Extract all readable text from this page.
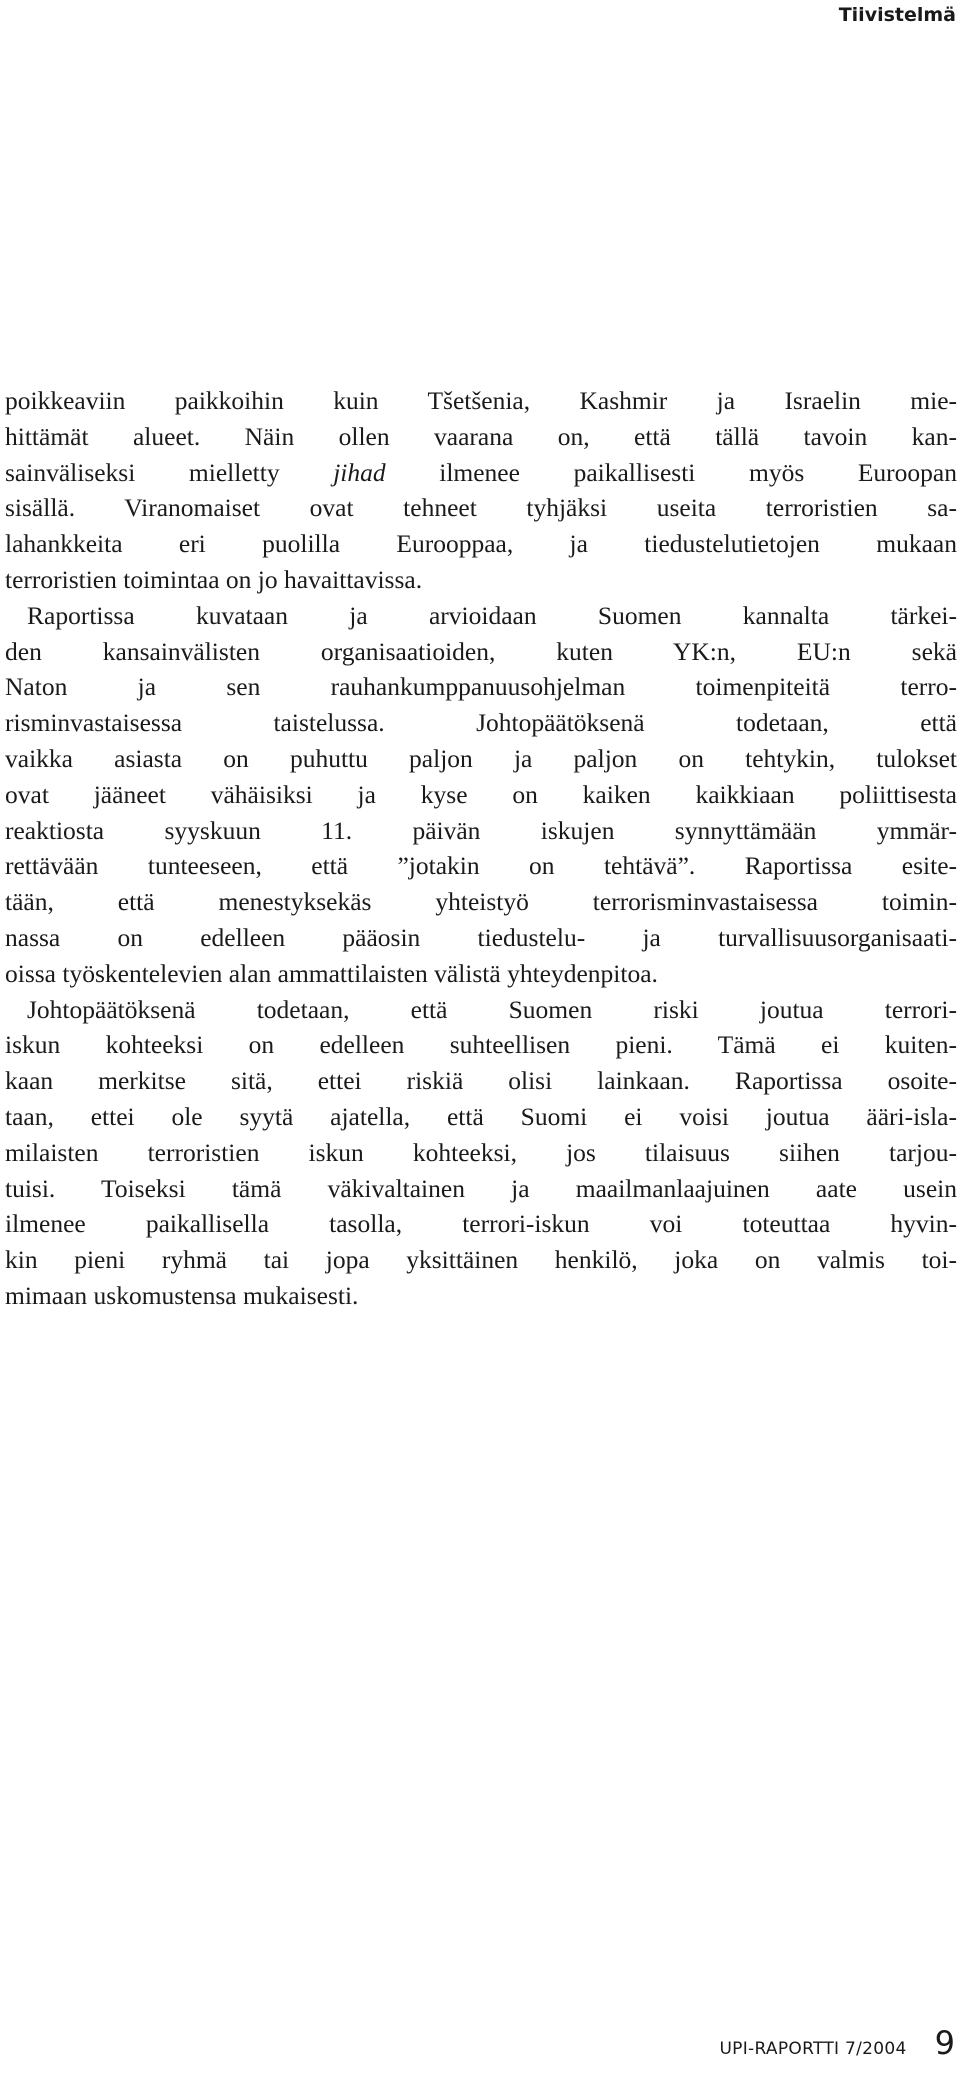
Tiivistelmä
poikkeaviin paikkoihin kuin Tšetšenia, Kashmir ja Israelin mie-
hittämät alueet. Näin ollen vaarana on, että tällä tavoin kan-
sainväliseksi mielletty jihad ilmenee paikallisesti myös Euroopan
sisällä. Viranomaiset ovat tehneet tyhjäksi useita terroristien sa-
lahankkeita eri puolilla Eurooppaa, ja tiedustelutietojen mukaan
terroristien toimintaa on jo havaittavissa.
Raportissa kuvataan ja arvioidaan Suomen kannalta tärkei-
den kansainvälisten organisaatioiden, kuten YK:n, EU:n sekä
Naton ja sen rauhankumppanuusohjelman toimenpiteitä terro-
risminvastaisessa taistelussa. Johtopäätöksenä todetaan, että
vaikka asiasta on puhuttu paljon ja paljon on tehtykin, tulokset
ovat jääneet vähäisiksi ja kyse on kaiken kaikkiaan poliittisesta
reaktiosta syyskuun 11. päivän iskujen synnyttämään ymmär-
rettävään tunteeseen, että ”jotakin on tehtävä”. Raportissa esite-
tään, että menestyksekäs yhteistyö terrorisminvastaisessa toimin-
nassa on edelleen pääosin tiedustelu- ja turvallisuusorganisaati-
oissa työskentelevien alan ammattilaisten välistä yhteydenpitoa.
Johtopäätöksenä todetaan, että Suomen riski joutua terrori-
iskun kohteeksi on edelleen suhteellisen pieni. Tämä ei kuiten-
kaan merkitse sitä, ettei riskiä olisi lainkaan. Raportissa osoite-
taan, ettei ole syytä ajatella, että Suomi ei voisi joutua ääri-isla-
milaisten terroristien iskun kohteeksi, jos tilaisuus siihen tarjou-
tuisi. Toiseksi tämä väkivaltainen ja maailmanlaajuinen aate usein
ilmenee paikallisella tasolla, terrori-iskun voi toteuttaa hyvin-
kin pieni ryhmä tai jopa yksittäinen henkilö, joka on valmis toi-
mimaan uskomustensa mukaisesti.
UPI-RAPORTTI 7/2004 9
